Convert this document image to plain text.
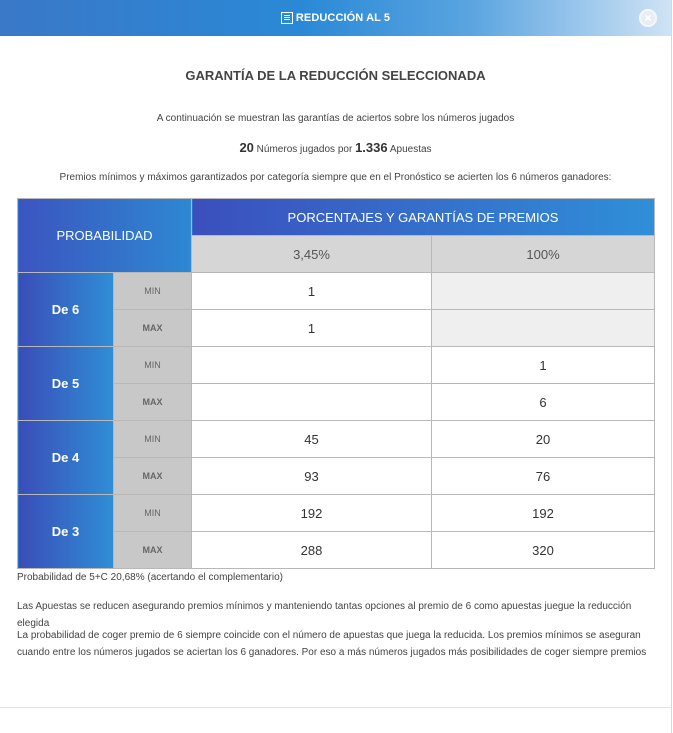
REDUCCIÓN AL 5	×
GARANTÍA DE LA REDUCCIÓN SELECCIONADA
A continuación se muestran las garantías de aciertos sobre los números jugados
20 Números jugados por 1.336 Apuestas
Premios mínimos y máximos garantizados por categoría siempre que en el Pronóstico se acierten los 6 números ganadores:
PROBABILIDAD		PORCENTAJES Y GARANTÍAS DE PREMIOS	
		3,45%	100%
De 6	MIN	1	
	MAX	1	
De 5	MIN		1
	MAX		6
De 4	MIN	45	20
	MAX	93	76
De 3	MIN	192	192
	MAX	288	320
Probabilidad de 5+C 20,68% (acertando el complementario)
Las Apuestas se reducen asegurando premios mínimos y manteniendo tantas opciones al premio de 6 como apuestas juegue la reducción elegida
La probabilidad de coger premio de 6 siempre coincide con el número de apuestas que juega la reducida. Los premios mínimos se aseguran cuando entre los números jugados se aciertan los 6 ganadores. Por eso a más números jugados más posibilidades de coger siempre premios
